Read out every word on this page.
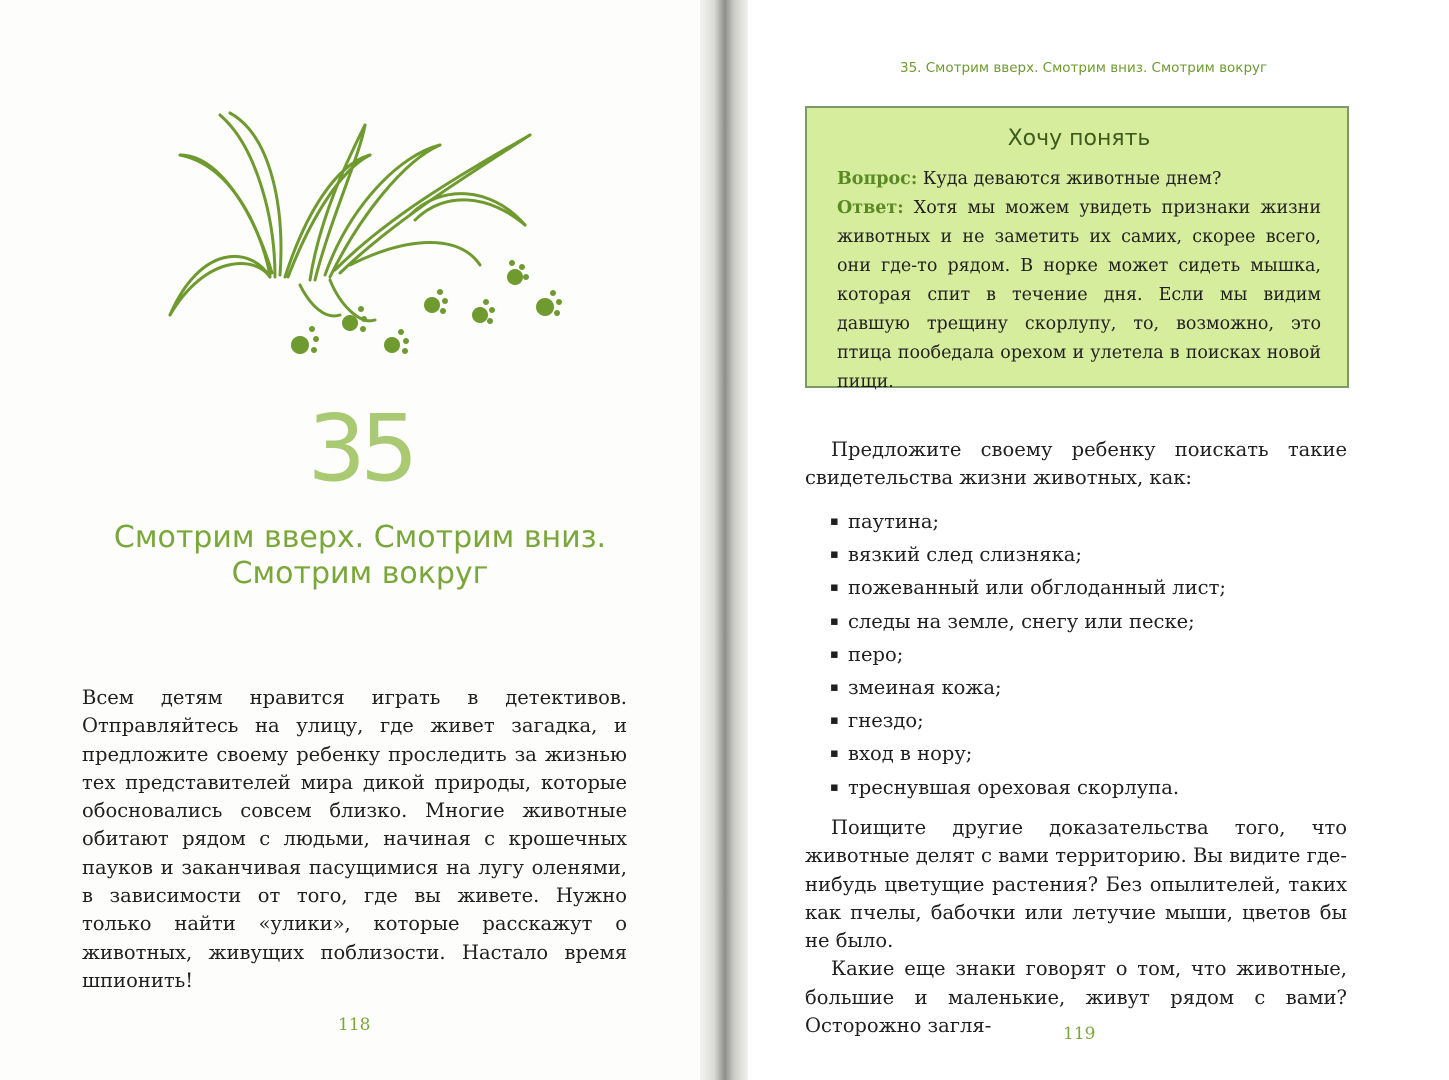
35
Смотрим вверх. Смотрим вниз.
Смотрим вокруг

Всем детям нравится играть в детективов. Отправляйтесь на улицу, где живет загадка, и предложите своему ребенку проследить за жизнью тех представителей мира дикой природы, которые обосновались совсем близко. Многие животные обитают рядом с людьми, начиная с крошечных пауков и заканчивая пасущимися на лугу оленями, в зависимости от того, где вы живете. Нужно только найти «улики», которые расскажут о животных, живущих поблизости. Настало время шпионить!

118
35. Смотрим вверх. Смотрим вниз. Смотрим вокруг
Хочу понять
Вопрос: Куда деваются животные днем?
Ответ: Хотя мы можем увидеть признаки жизни животных и не заметить их самих, скорее всего, они где-то рядом. В норке может сидеть мышка, которая спит в течение дня. Если мы видим давшую трещину скорлупу, то, возможно, это птица пообедала орехом и улетела в поисках новой пищи.

Предложите своему ребенку поискать такие свидетельства жизни животных, как:

▪ паутина;
▪ вязкий след слизняка;
▪ пожеванный или обглоданный лист;
▪ следы на земле, снегу или песке;
▪ перо;
▪ змеиная кожа;
▪ гнездо;
▪ вход в нору;
▪ треснувшая ореховая скорлупа.

Поищите другие доказательства того, что животные делят с вами территорию. Вы видите где-нибудь цветущие растения? Без опылителей, таких как пчелы, бабочки или летучие мыши, цветов бы не было.

Какие еще знаки говорят о том, что животные, большие и маленькие, живут рядом с вами? Осторожно загля-	119
